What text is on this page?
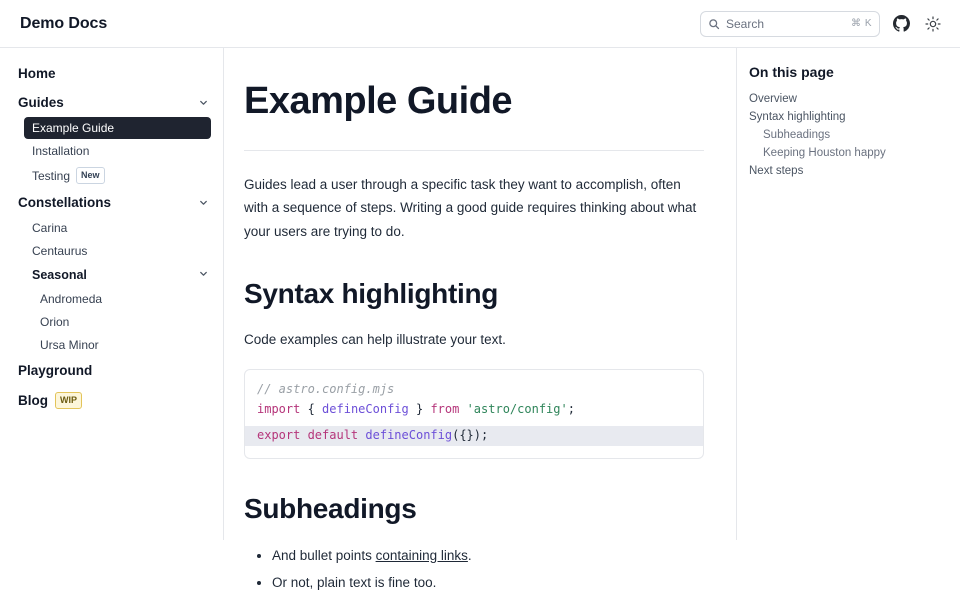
Demo Docs	Search	⌘ K
Home
Guides
Example Guide
Installation
Testing	New
Constellations
Carina
Centaurus
Seasonal
Andromeda
Orion
Ursa Minor
Playground
Blog	WIP
Example Guide

Guides lead a user through a specific task they want to accomplish, often with a sequence of steps. Writing a good guide requires thinking about what your users are trying to do.

Syntax highlighting

Code examples can help illustrate your text.

// astro.config.mjs
import { defineConfig } from 'astro/config';
export default defineConfig({});
Subheadings
• And bullet points containing links.
• Or not, plain text is fine too.
On this page
Overview
Syntax highlighting
Subheadings
Keeping Houston happy
Next steps
